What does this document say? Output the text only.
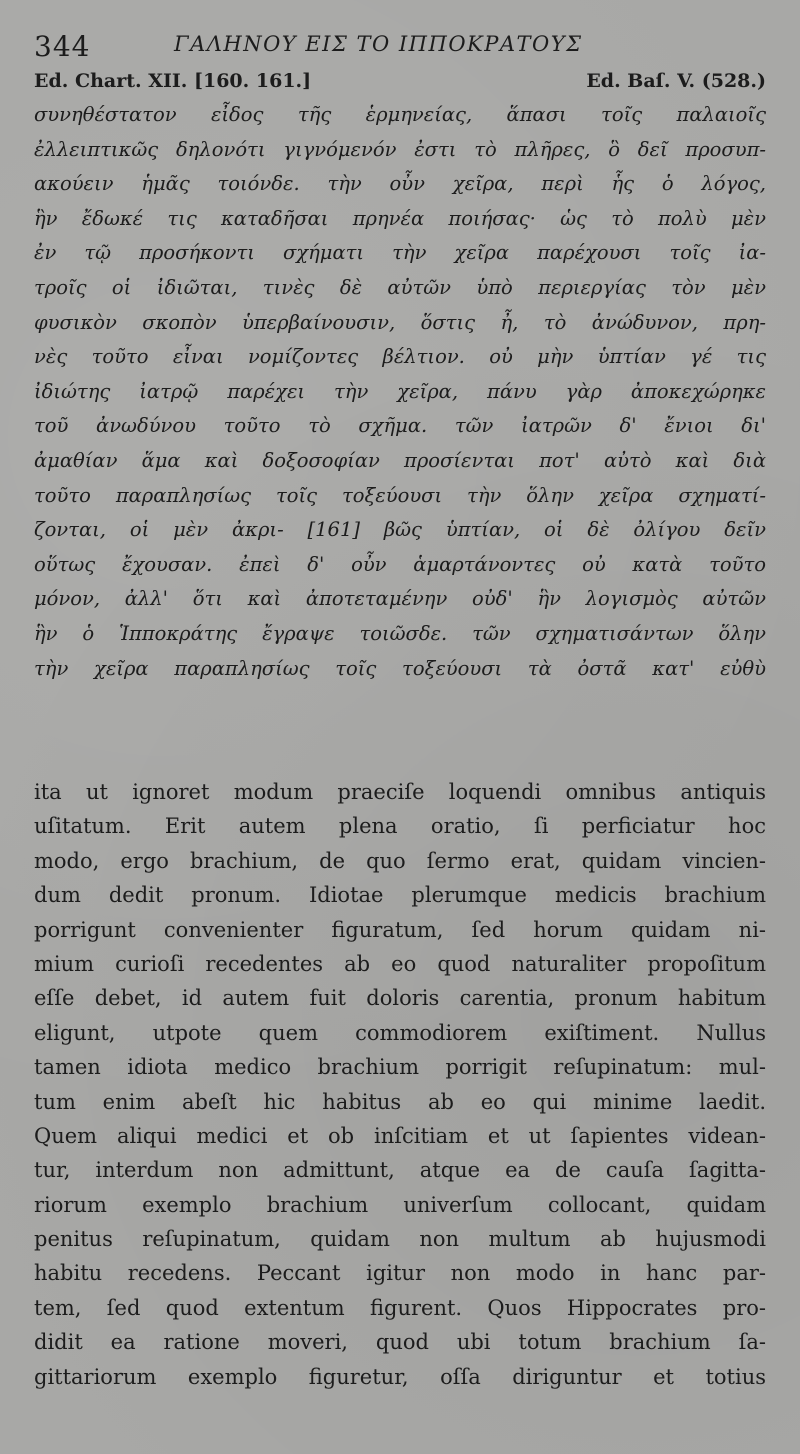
344	ΓΑΛΗΝΟΥ ΕΙΣ ΤΟ ΙΠΠΟΚΡΑΤΟΥΣ
Ed. Chart. XII. [160. 161.]	Ed. Baſ. V. (528.)
συνηθέστατον εἶδος τῆς ἑρμηνείας, ἅπασι τοῖς παλαιοῖς
ἐλλειπτικῶς δηλονότι γιγνόμενόν ἐστι τὸ πλῆρες, ὃ δεῖ προσυπ-
ακούειν ἡμᾶς τοιόνδε. τὴν οὖν χεῖρα, περὶ ἧς ὁ λόγος,
ἣν ἔδωκέ τις καταδῆσαι πρηνέα ποιήσας· ὡς τὸ πολὺ μὲν
ἐν τῷ προσήκοντι σχήματι τὴν χεῖρα παρέχουσι τοῖς ἰα-
τροῖς οἱ ἰδιῶται, τινὲς δὲ αὐτῶν ὑπὸ περιεργίας τὸν μὲν
φυσικὸν σκοπὸν ὑπερβαίνουσιν, ὅστις ἦ, τὸ ἀνώδυνον, πρη-
νὲς τοῦτο εἶναι νομίζοντες βέλτιον. οὐ μὴν ὑπτίαν γέ τις
ἰδιώτης ἰατρῷ παρέχει τὴν χεῖρα, πάνυ γὰρ ἀποκεχώρηκε
τοῦ ἀνωδύνου τοῦτο τὸ σχῆμα. τῶν ἰατρῶν δ' ἔνιοι δι'
ἀμαθίαν ἅμα καὶ δοξοσοφίαν προσίενται ποτ' αὐτὸ καὶ διὰ
τοῦτο παραπλησίως τοῖς τοξεύουσι τὴν ὅλην χεῖρα σχηματί-
ζονται, οἱ μὲν ἀκρι- [161] βῶς ὑπτίαν, οἱ δὲ ὀλίγου δεῖν
οὕτως ἔχουσαν. ἐπεὶ δ' οὖν ἁμαρτάνοντες οὐ κατὰ τοῦτο
μόνον, ἀλλ' ὅτι καὶ ἀποτεταμένην οὐδ' ἣν λογισμὸς αὐτῶν
ἣν ὁ Ἱπποκράτης ἔγραψε τοιῶσδε. τῶν σχηματισάντων ὅλην
τὴν χεῖρα παραπλησίως τοῖς τοξεύουσι τὰ ὀστᾶ κατ' εὐθὺ
ita ut ignoret modum praeciſe loquendi omnibus antiquis
uſitatum. Erit autem plena oratio, ſi perficiatur hoc
modo, ergo brachium, de quo ſermo erat, quidam vincien-
dum dedit pronum. Idiotae plerumque medicis brachium
porrigunt convenienter figuratum, ſed horum quidam ni-
mium curioſi recedentes ab eo quod naturaliter propoſitum
eſſe debet, id autem fuit doloris carentia, pronum habitum
eligunt, utpote quem commodiorem exiſtiment. Nullus
tamen idiota medico brachium porrigit reſupinatum: mul-
tum enim abeſt hic habitus ab eo qui minime laedit.
Quem aliqui medici et ob inſcitiam et ut ſapientes videan-
tur, interdum non admittunt, atque ea de cauſa ſagitta-
riorum exemplo brachium univerſum collocant, quidam
penitus reſupinatum, quidam non multum ab hujusmodi
habitu recedens. Peccant igitur non modo in hanc par-
tem, ſed quod extentum figurent. Quos Hippocrates pro-
didit ea ratione moveri, quod ubi totum brachium ſa-
gittariorum exemplo figuretur, oſſa diriguntur et totius
